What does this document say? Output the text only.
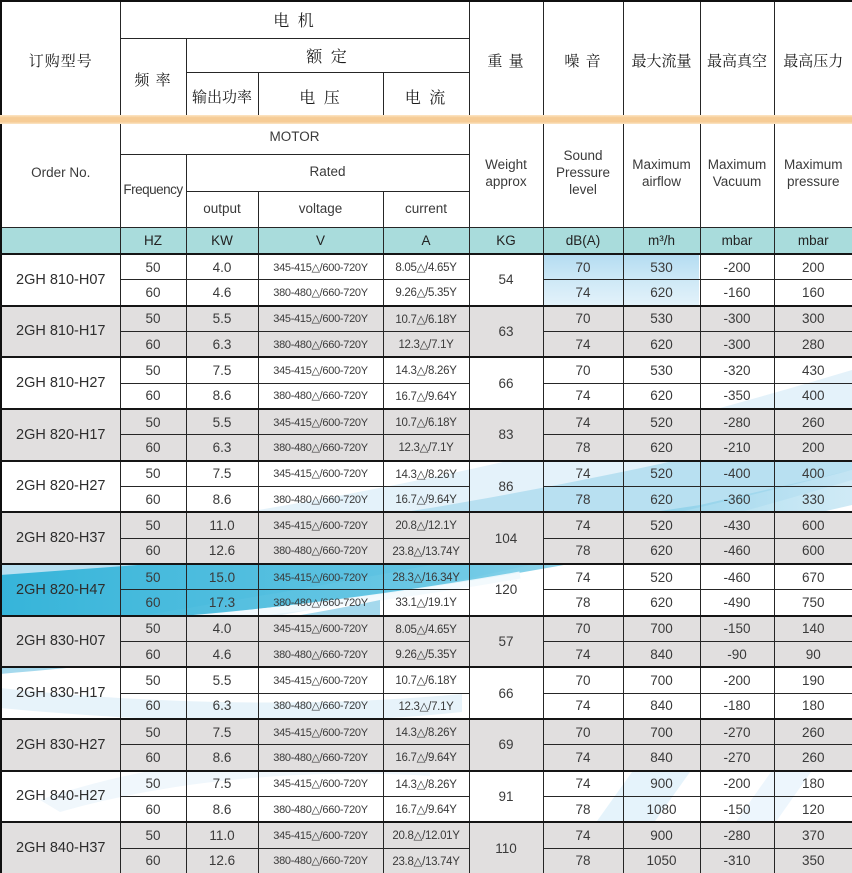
订购型号	电 机				重 量	噪 音	最大流量	最高真空	最高压力
	频 率	额 定							
		输出功率	电 压	电 流					
Order No.	MOTOR				Weight approx	Sound Pressure level	Maximum airflow	Maximum Vacuum	Maximum pressure
	Frequency	Rated							
		output	voltage	current					
	HZ	KW	V	A	KG	dB(A)	m³/h	mbar	mbar
2GH 810-H07	50	4.0	345-415△/600-720Y	8.05△/4.65Y	54	70	530	-200	200
	60	4.6	380-480△/660-720Y	9.26△/5.35Y		74	620	-160	160
2GH 810-H17	50	5.5	345-415△/600-720Y	10.7△/6.18Y	63	70	530	-300	300
	60	6.3	380-480△/660-720Y	12.3△/7.1Y		74	620	-300	280
2GH 810-H27	50	7.5	345-415△/600-720Y	14.3△/8.26Y	66	70	530	-320	430
	60	8.6	380-480△/660-720Y	16.7△/9.64Y		74	620	-350	400
2GH 820-H17	50	5.5	345-415△/600-720Y	10.7△/6.18Y	83	74	520	-280	260
	60	6.3	380-480△/660-720Y	12.3△/7.1Y		78	620	-210	200
2GH 820-H27	50	7.5	345-415△/600-720Y	14.3△/8.26Y	86	74	520	-400	400
	60	8.6	380-480△/660-720Y	16.7△/9.64Y		78	620	-360	330
2GH 820-H37	50	11.0	345-415△/600-720Y	20.8△/12.1Y	104	74	520	-430	600
	60	12.6	380-480△/660-720Y	23.8△/13.74Y		78	620	-460	600
2GH 820-H47	50	15.0	345-415△/600-720Y	28.3△/16.34Y	120	74	520	-460	670
	60	17.3	380-480△/660-720Y	33.1△/19.1Y		78	620	-490	750
2GH 830-H07	50	4.0	345-415△/600-720Y	8.05△/4.65Y	57	70	700	-150	140
	60	4.6	380-480△/660-720Y	9.26△/5.35Y		74	840	-90	90
2GH 830-H17	50	5.5	345-415△/600-720Y	10.7△/6.18Y	66	70	700	-200	190
	60	6.3	380-480△/660-720Y	12.3△/7.1Y		74	840	-180	180
2GH 830-H27	50	7.5	345-415△/600-720Y	14.3△/8.26Y	69	70	700	-270	260
	60	8.6	380-480△/660-720Y	16.7△/9.64Y		74	840	-270	260
2GH 840-H27	50	7.5	345-415△/600-720Y	14.3△/8.26Y	91	74	900	-200	180
	60	8.6	380-480△/660-720Y	16.7△/9.64Y		78	1080	-150	120
2GH 840-H37	50	11.0	345-415△/600-720Y	20.8△/12.01Y	110	74	900	-280	370
	60	12.6	380-480△/660-720Y	23.8△/13.74Y		78	1050	-310	350
